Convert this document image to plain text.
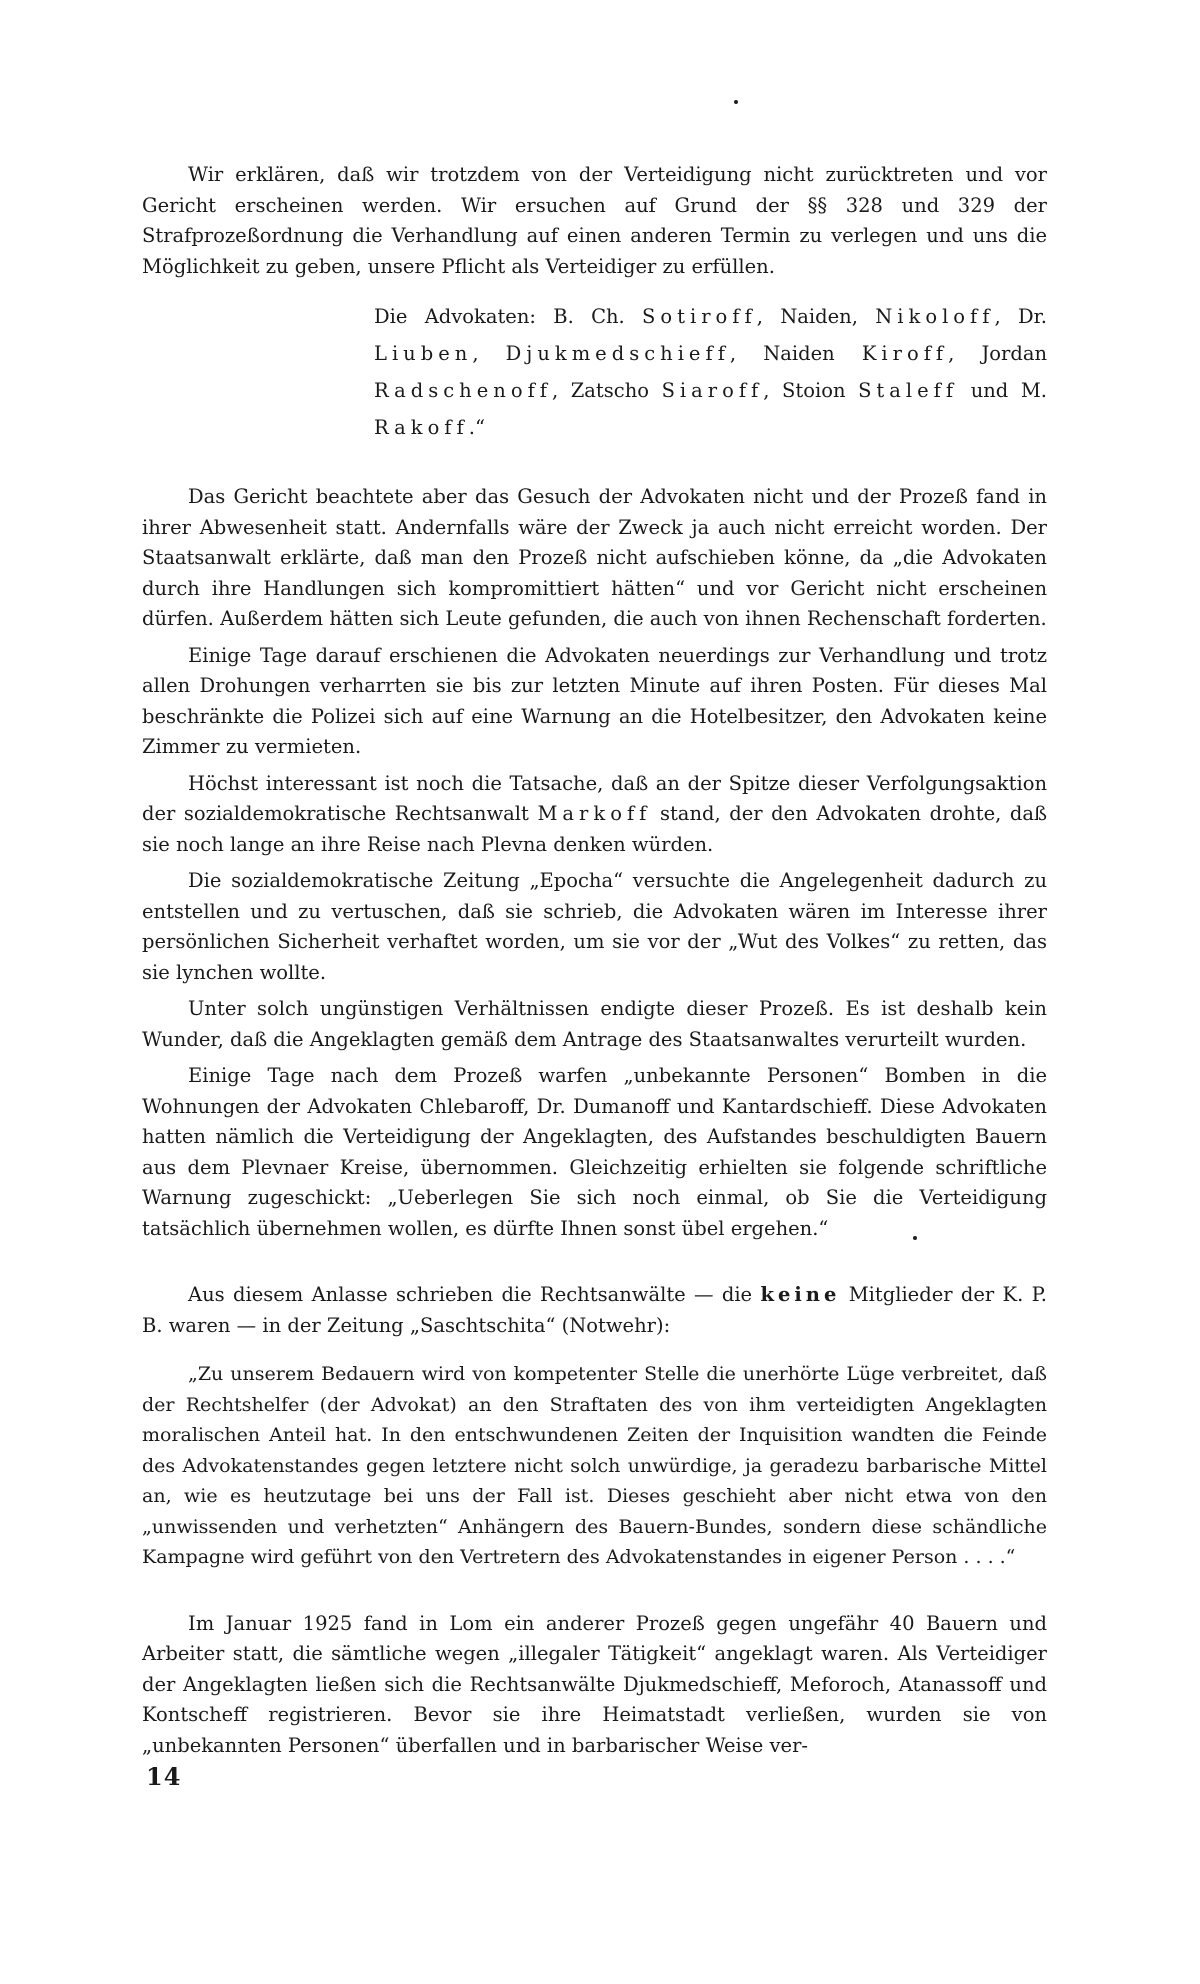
Wir erklären, daß wir trotzdem von der Verteidigung nicht zurücktreten und vor Gericht erscheinen werden. Wir ersuchen auf Grund der §§ 328 und 329 der Strafprozeßordnung die Verhandlung auf einen anderen Termin zu verlegen und uns die Möglichkeit zu geben, unsere Pflicht als Verteidiger zu erfüllen.

Die Advokaten: B. Ch. Sotiroff, Naiden, Nikoloff, Dr. Liuben, Djukmedschieff, Naiden Kiroff, Jordan Radschenoff, Zatscho Siaroff, Stoion Staleff und M. Rakoff.“

Das Gericht beachtete aber das Gesuch der Advokaten nicht und der Prozeß fand in ihrer Abwesenheit statt. Andernfalls wäre der Zweck ja auch nicht erreicht worden. Der Staatsanwalt erklärte, daß man den Prozeß nicht aufschieben könne, da „die Advokaten durch ihre Handlungen sich kompromittiert hätten“ und vor Gericht nicht erscheinen dürfen. Außerdem hätten sich Leute gefunden, die auch von ihnen Rechenschaft forderten.

Einige Tage darauf erschienen die Advokaten neuerdings zur Verhandlung und trotz allen Drohungen verharrten sie bis zur letzten Minute auf ihren Posten. Für dieses Mal beschränkte die Polizei sich auf eine Warnung an die Hotelbesitzer, den Advokaten keine Zimmer zu vermieten.

Höchst interessant ist noch die Tatsache, daß an der Spitze dieser Verfolgungsaktion der sozialdemokratische Rechtsanwalt Markoff stand, der den Advokaten drohte, daß sie noch lange an ihre Reise nach Plevna denken würden.

Die sozialdemokratische Zeitung „Epocha“ versuchte die Angelegenheit dadurch zu entstellen und zu vertuschen, daß sie schrieb, die Advokaten wären im Interesse ihrer persönlichen Sicherheit verhaftet worden, um sie vor der „Wut des Volkes“ zu retten, das sie lynchen wollte.

Unter solch ungünstigen Verhältnissen endigte dieser Prozeß. Es ist deshalb kein Wunder, daß die Angeklagten gemäß dem Antrage des Staatsanwaltes verurteilt wurden.

Einige Tage nach dem Prozeß warfen „unbekannte Personen“ Bomben in die Wohnungen der Advokaten Chlebaroff, Dr. Dumanoff und Kantardschieff. Diese Advokaten hatten nämlich die Verteidigung der Angeklagten, des Aufstandes beschuldigten Bauern aus dem Plevnaer Kreise, übernommen. Gleichzeitig erhielten sie folgende schriftliche Warnung zugeschickt: „Ueberlegen Sie sich noch einmal, ob Sie die Verteidigung tatsächlich übernehmen wollen, es dürfte Ihnen sonst übel ergehen.“

Aus diesem Anlasse schrieben die Rechtsanwälte — die keine Mitglieder der K. P. B. waren — in der Zeitung „Saschtschita“ (Notwehr):

„Zu unserem Bedauern wird von kompetenter Stelle die unerhörte Lüge verbreitet, daß der Rechtshelfer (der Advokat) an den Straftaten des von ihm verteidigten Angeklagten moralischen Anteil hat. In den entschwundenen Zeiten der Inquisition wandten die Feinde des Advokatenstandes gegen letztere nicht solch unwürdige, ja geradezu barbarische Mittel an, wie es heutzutage bei uns der Fall ist. Dieses geschieht aber nicht etwa von den „unwissenden und verhetzten“ Anhängern des Bauern-Bundes, sondern diese schändliche Kampagne wird geführt von den Vertretern des Advokatenstandes in eigener Person . . . .“

Im Januar 1925 fand in Lom ein anderer Prozeß gegen ungefähr 40 Bauern und Arbeiter statt, die sämtliche wegen „illegaler Tätigkeit“ angeklagt waren. Als Verteidiger der Angeklagten ließen sich die Rechtsanwälte Djukmedschieff, Meforoch, Atanassoff und Kontscheff registrieren. Bevor sie ihre Heimatstadt verließen, wurden sie von „unbekannten Personen“ überfallen und in barbarischer Weise ver-

14
